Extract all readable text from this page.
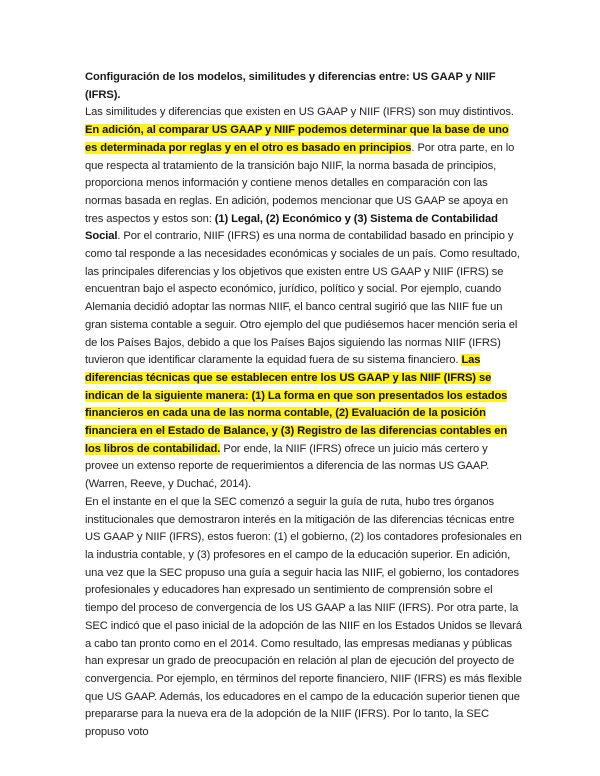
Configuración de los modelos, similitudes y diferencias entre: US GAAP y NIIF (IFRS).

Las similitudes y diferencias que existen en US GAAP y NIIF (IFRS) son muy distintivos. En adición, al comparar US GAAP y NIIF podemos determinar que la base de uno es determinada por reglas y en el otro es basado en principios. Por otra parte, en lo que respecta al tratamiento de la transición bajo NIIF, la norma basada de principios, proporciona menos información y contiene menos detalles en comparación con las normas basada en reglas. En adición, podemos mencionar que US GAAP se apoya en tres aspectos y estos son: (1) Legal, (2) Económico y (3) Sistema de Contabilidad Social. Por el contrario, NIIF (IFRS) es una norma de contabilidad basado en principio y como tal responde a las necesidades económicas y sociales de un país. Como resultado, las principales diferencias y los objetivos que existen entre US GAAP y NIIF (IFRS) se encuentran bajo el aspecto económico, jurídico, político y social. Por ejemplo, cuando Alemania decidió adoptar las normas NIIF, el banco central sugirió que las NIIF fue un gran sistema contable a seguir. Otro ejemplo del que pudiésemos hacer mención seria el de los Países Bajos, debido a que los Países Bajos siguiendo las normas NIIF (IFRS) tuvieron que identificar claramente la equidad fuera de su sistema financiero. Las diferencias técnicas que se establecen entre los US GAAP y las NIIF (IFRS) se indican de la siguiente manera: (1) La forma en que son presentados los estados financieros en cada una de las norma contable, (2) Evaluación de la posición financiera en el Estado de Balance, y (3) Registro de las diferencias contables en los libros de contabilidad. Por ende, la NIIF (IFRS) ofrece un juicio más certero y provee un extenso reporte de requerimientos a diferencia de las normas US GAAP. (Warren, Reeve, y Duchać, 2014).

En el instante en el que la SEC comenzó a seguir la guía de ruta, hubo tres órganos institucionales que demostraron interés en la mitigación de las diferencias técnicas entre US GAAP y NIIF (IFRS), estos fueron: (1) el gobierno, (2) los contadores profesionales en la industria contable, y (3) profesores en el campo de la educación superior. En adición, una vez que la SEC propuso una guía a seguir hacia las NIIF, el gobierno, los contadores profesionales y educadores han expresado un sentimiento de comprensión sobre el tiempo del proceso de convergencia de los US GAAP a las NIIF (IFRS). Por otra parte, la SEC indicó que el paso inicial de la adopción de las NIIF en los Estados Unidos se llevará a cabo tan pronto como en el 2014. Como resultado, las empresas medianas y públicas han expresar un grado de preocupación en relación al plan de ejecución del proyecto de convergencia. Por ejemplo, en términos del reporte financiero, NIIF (IFRS) es más flexible que US GAAP. Además, los educadores en el campo de la educación superior tienen que prepararse para la nueva era de la adopción de la NIIF (IFRS). Por lo tanto, la SEC propuso voto
